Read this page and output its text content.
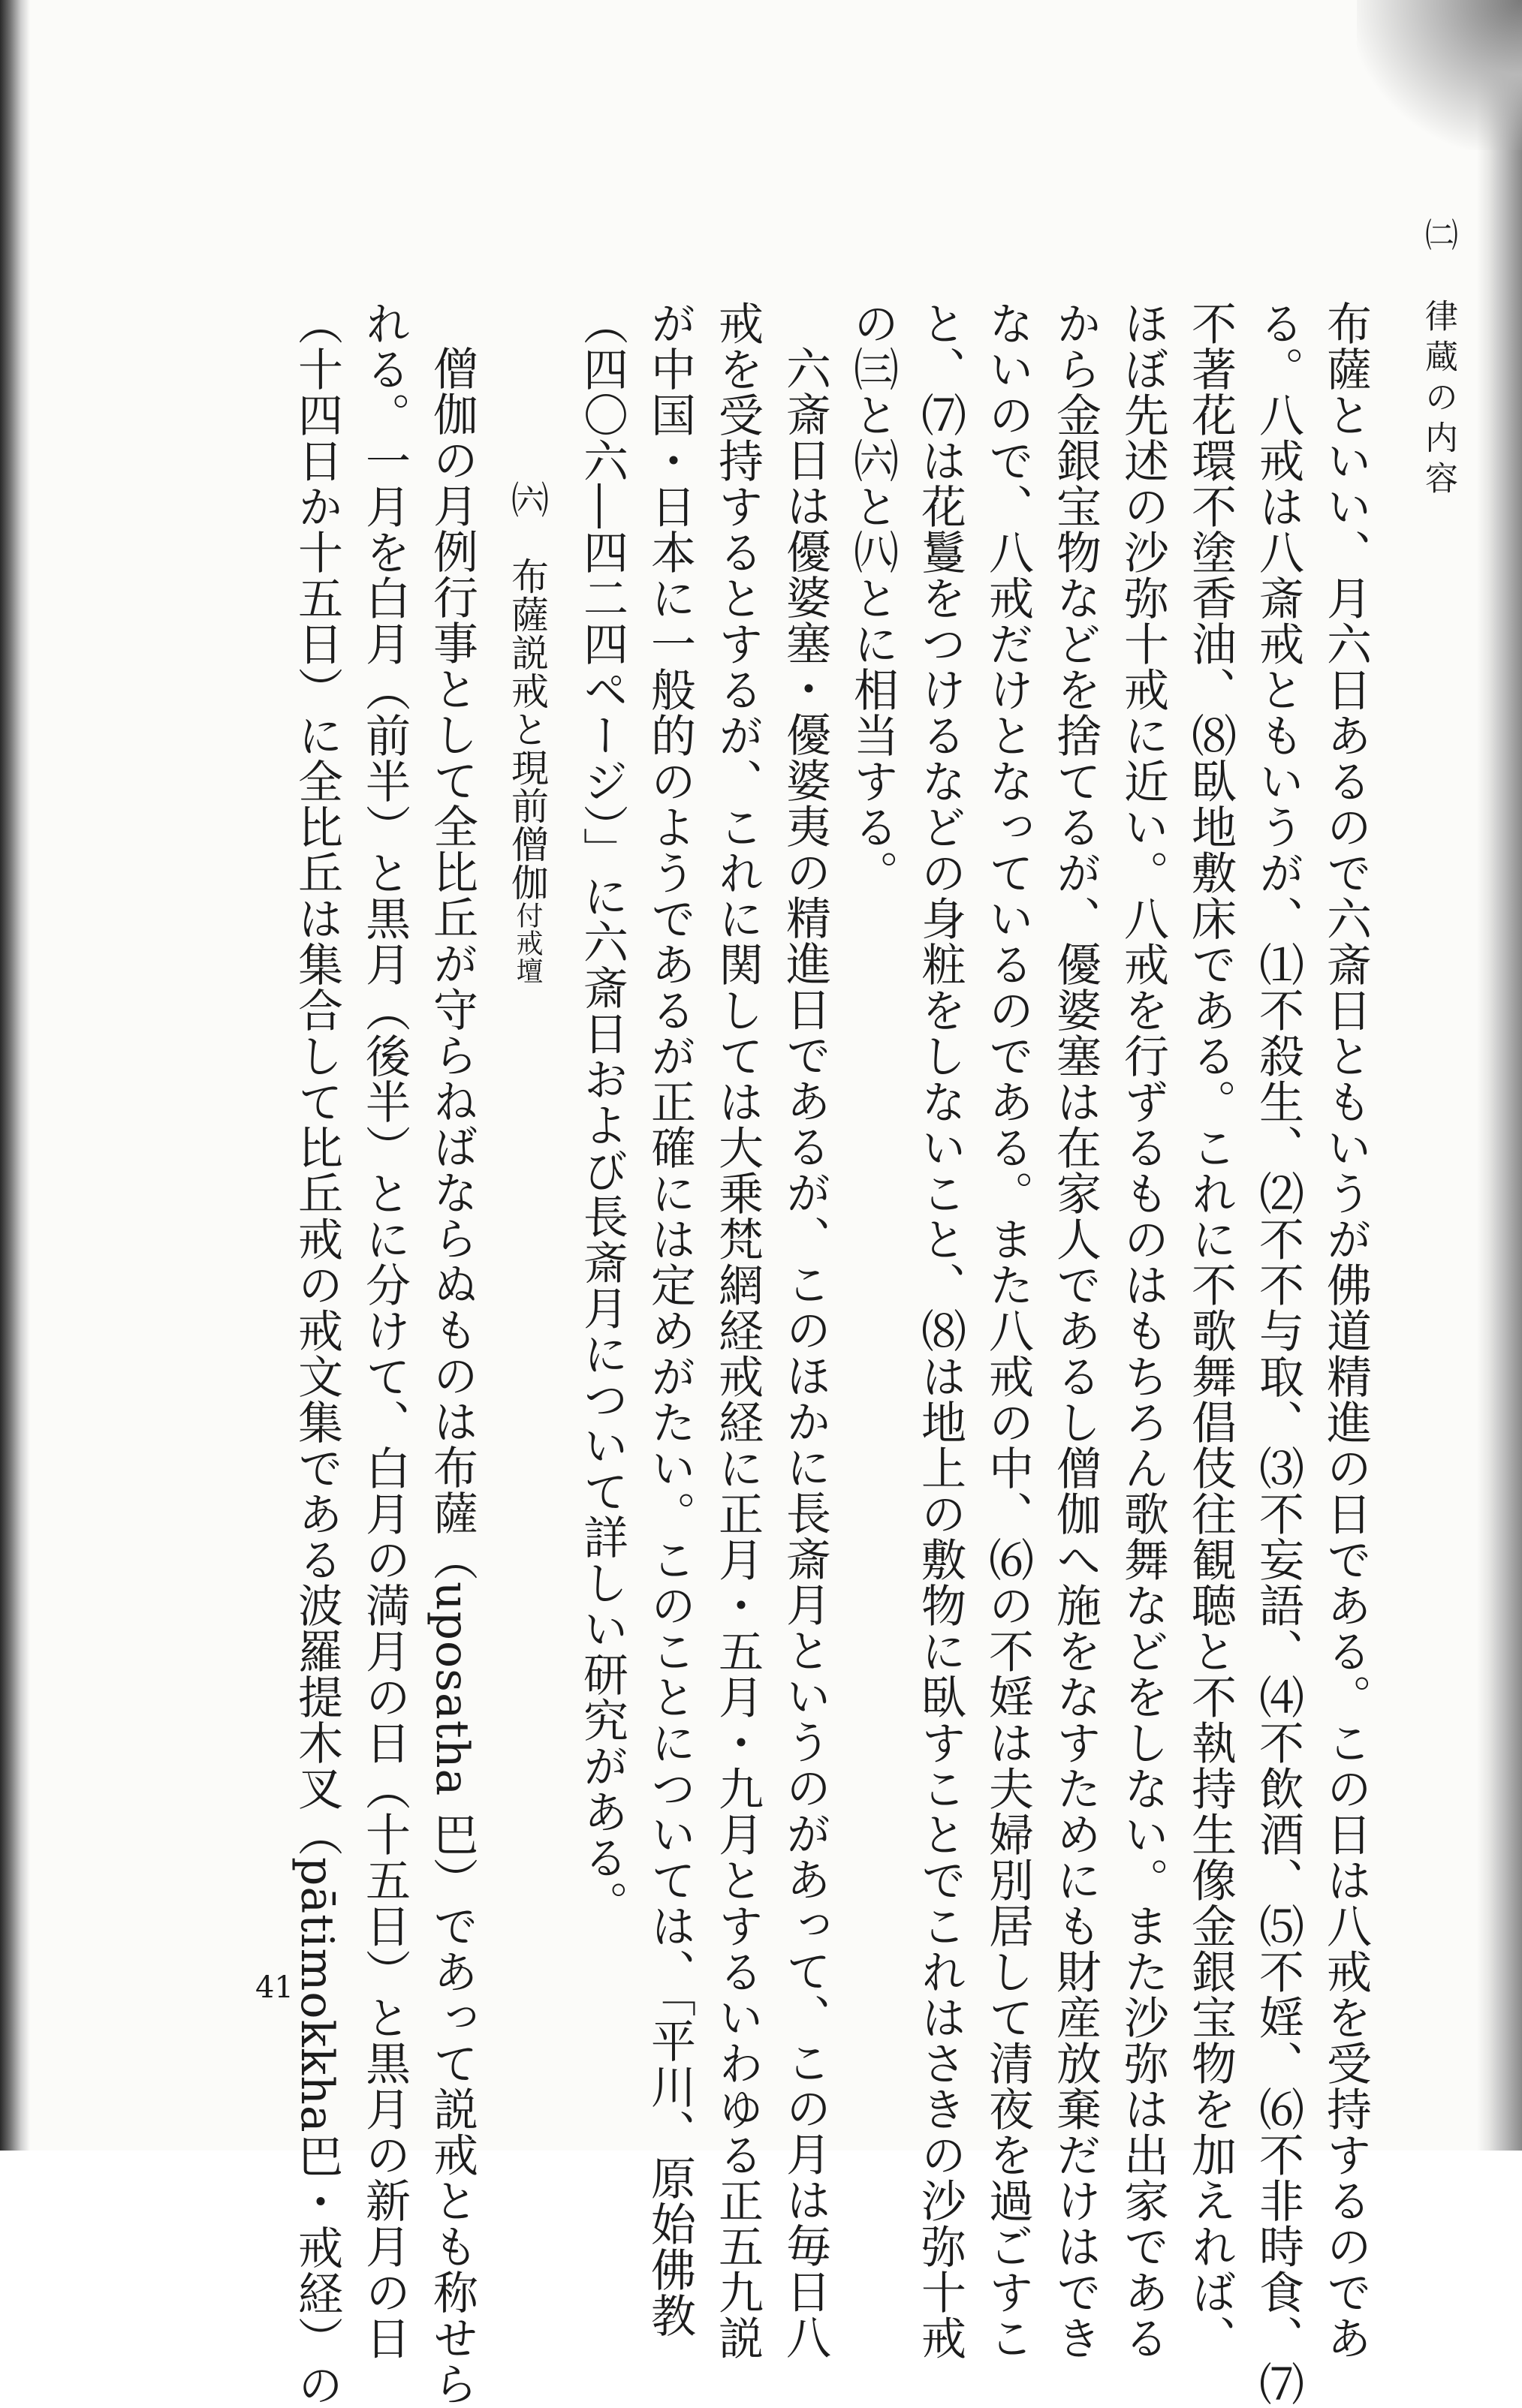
㈡　律蔵の内容
布薩といい、月六日あるので六斎日ともいうが佛道精進の日である。この日は八戒を受持するのであ
る。八戒は八斎戒ともいうが、⑴不殺生、⑵不不与取、⑶不妄語、⑷不飲酒、⑸不婬、⑹不非時食、⑺
不著花環不塗香油、⑻臥地敷床である。これに不歌舞倡伎往観聴と不執持生像金銀宝物を加えれば、
ほぼ先述の沙弥十戒に近い。八戒を行ずるものはもちろん歌舞などをしない。また沙弥は出家である
から金銀宝物などを捨てるが、優婆塞は在家人であるし僧伽へ施をなすためにも財産放棄だけはでき
ないので、八戒だけとなっているのである。また八戒の中、⑹の不婬は夫婦別居して清夜を過ごすこ
と、⑺は花鬘をつけるなどの身粧をしないこと、⑻は地上の敷物に臥すことでこれはさきの沙弥十戒
の㈢と㈥と㈧とに相当する。
六斎日は優婆塞・優婆夷の精進日であるが、このほかに長斎月というのがあって、この月は毎日八
戒を受持するとするが、これに関しては大乗梵網経戒経に正月・五月・九月とするいわゆる正五九説
が中国・日本に一般的のようであるが正確には定めがたい。このことについては、「平川、原始佛教
（四〇六―四二四ページ）」に六斎日および長斎月について詳しい研究がある。
㈥　布薩説戒と現前僧伽付戒壇
僧伽の月例行事として全比丘が守らねばならぬものは布薩（uposatha 巴）であって説戒とも称せら
れる。一月を白月（前半）と黒月（後半）とに分けて、白月の満月の日（十五日）と黒月の新月の日
（十四日か十五日）に全比丘は集合して比丘戒の戒文集である波羅提木叉（pātimokkha巴・戒経）の
41
